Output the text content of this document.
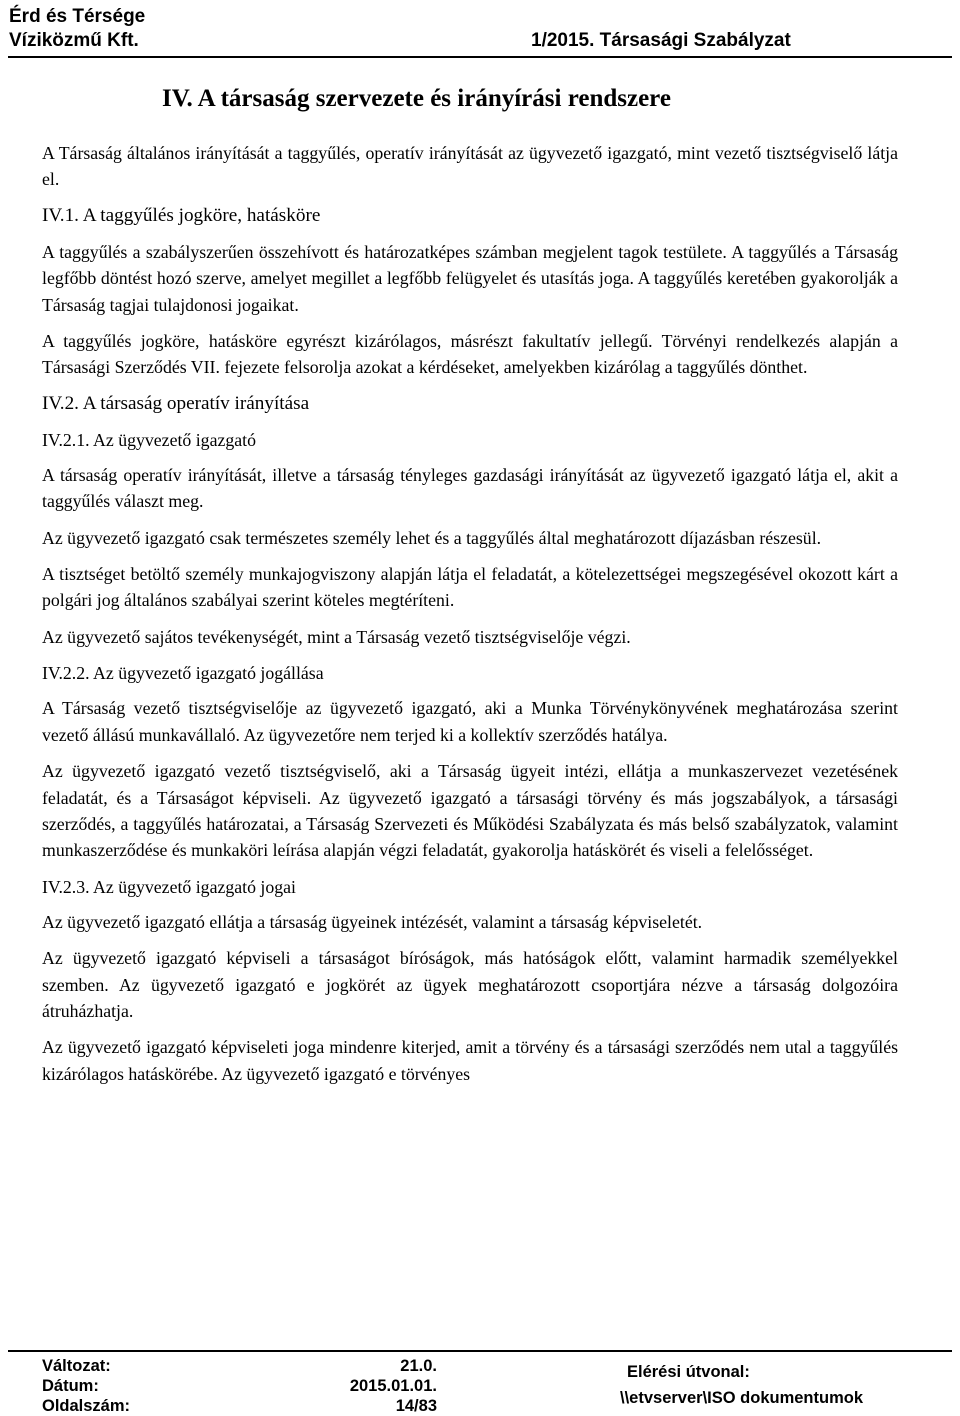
Érd és Térsége
Víziközmű Kft.	1/2015. Társasági Szabályzat
IV. A társaság szervezete és irányírási rendszere
A Társaság általános irányítását a taggyűlés, operatív irányítását az ügyvezető igazgató, mint vezető tisztségviselő látja el.
IV.1. A taggyűlés jogköre, hatásköre
A taggyűlés a szabályszerűen összehívott és határozatképes számban megjelent tagok testülete. A taggyűlés a Társaság legfőbb döntést hozó szerve, amelyet megillet a legfőbb felügyelet és utasítás joga. A taggyűlés keretében gyakorolják a Társaság tagjai tulajdonosi jogaikat.
A taggyűlés jogköre, hatásköre egyrészt kizárólagos, másrészt fakultatív jellegű. Törvényi rendelkezés alapján a Társasági Szerződés VII. fejezete felsorolja azokat a kérdéseket, amelyekben kizárólag a taggyűlés dönthet.
IV.2. A társaság operatív irányítása
IV.2.1. Az ügyvezető igazgató
A társaság operatív irányítását, illetve a társaság tényleges gazdasági irányítását az ügyvezető igazgató látja el, akit a taggyűlés választ meg.
Az ügyvezető igazgató csak természetes személy lehet és a taggyűlés által meghatározott díjazásban részesül.
A tisztséget betöltő személy munkajogviszony alapján látja el feladatát, a kötelezettségei megszegésével okozott kárt a polgári jog általános szabályai szerint köteles megtéríteni.
Az ügyvezető sajátos tevékenységét, mint a Társaság vezető tisztségviselője végzi.
IV.2.2. Az ügyvezető igazgató jogállása
A Társaság vezető tisztségviselője az ügyvezető igazgató, aki a Munka Törvénykönyvének meghatározása szerint vezető állású munkavállaló. Az ügyvezetőre nem terjed ki a kollektív szerződés hatálya.
Az ügyvezető igazgató vezető tisztségviselő, aki a Társaság ügyeit intézi, ellátja a munkaszervezet vezetésének feladatát, és a Társaságot képviseli. Az ügyvezető igazgató a társasági törvény és más jogszabályok, a társasági szerződés, a taggyűlés határozatai, a Társaság Szervezeti és Működési Szabályzata és más belső szabályzatok, valamint munkaszerződése és munkaköri leírása alapján végzi feladatát, gyakorolja hatáskörét és viseli a felelősséget.
IV.2.3. Az ügyvezető igazgató jogai
Az ügyvezető igazgató ellátja a társaság ügyeinek intézését, valamint a társaság képviseletét.
Az ügyvezető igazgató képviseli a társaságot bíróságok, más hatóságok előtt, valamint harmadik személyekkel szemben. Az ügyvezető igazgató e jogkörét az ügyek meghatározott csoportjára nézve a társaság dolgozóira átruházhatja.
Az ügyvezető igazgató képviseleti joga mindenre kiterjed, amit a törvény és a társasági szerződés nem utal a taggyűlés kizárólagos hatáskörébe. Az ügyvezető igazgató e törvényes
Változat:	21.0.
Dátum:	2015.01.01.
Oldalszám:	14/83
Elérési útvonal:
\\etvserver\ISO dokumentumok
